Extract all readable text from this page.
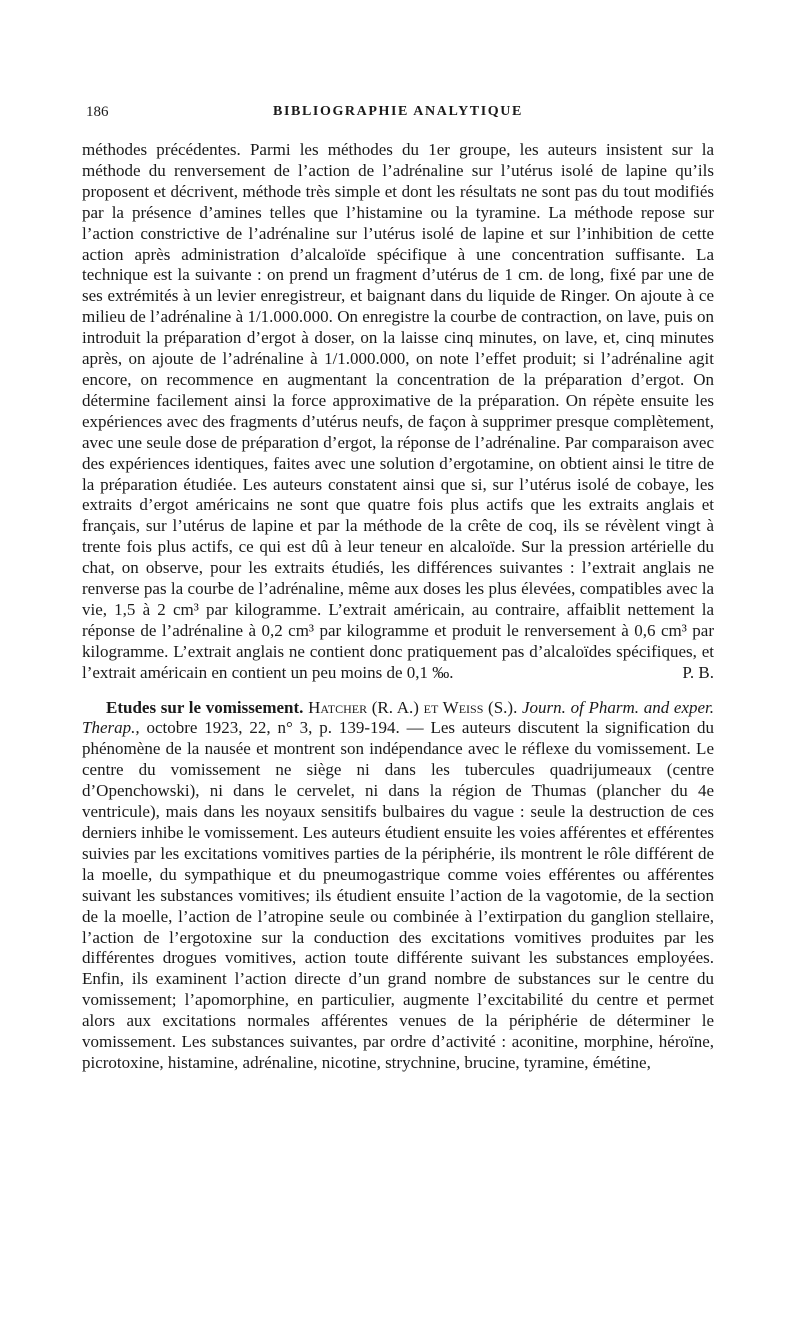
186	BIBLIOGRAPHIE ANALYTIQUE

méthodes précédentes. Parmi les méthodes du 1er groupe, les auteurs insistent sur la méthode du renversement de l’action de l’adrénaline sur l’utérus isolé de lapine qu’ils proposent et décrivent, méthode très simple et dont les résultats ne sont pas du tout modifiés par la présence d’amines telles que l’histamine ou la tyramine. La méthode repose sur l’action constrictive de l’adrénaline sur l’utérus isolé de lapine et sur l’inhibition de cette action après administration d’alcaloïde spécifique à une concentration suffisante. La technique est la suivante : on prend un fragment d’utérus de 1 cm. de long, fixé par une de ses extrémités à un levier enregistreur, et baignant dans du liquide de Ringer. On ajoute à ce milieu de l’adrénaline à 1/1.000.000. On enregistre la courbe de contraction, on lave, puis on introduit la préparation d’ergot à doser, on la laisse cinq minutes, on lave, et, cinq minutes après, on ajoute de l’adrénaline à 1/1.000.000, on note l’effet produit; si l’adrénaline agit encore, on recommence en augmentant la concentration de la préparation d’ergot. On détermine facilement ainsi la force approximative de la préparation. On répète ensuite les expériences avec des fragments d’utérus neufs, de façon à supprimer presque complètement, avec une seule dose de préparation d’ergot, la réponse de l’adrénaline. Par comparaison avec des expériences identiques, faites avec une solution d’ergotamine, on obtient ainsi le titre de la préparation étudiée. Les auteurs constatent ainsi que si, sur l’utérus isolé de cobaye, les extraits d’ergot américains ne sont que quatre fois plus actifs que les extraits anglais et français, sur l’utérus de lapine et par la méthode de la crête de coq, ils se révèlent vingt à trente fois plus actifs, ce qui est dû à leur teneur en alcaloïde. Sur la pression artérielle du chat, on observe, pour les extraits étudiés, les différences suivantes : l’extrait anglais ne renverse pas la courbe de l’adrénaline, même aux doses les plus élevées, compatibles avec la vie, 1,5 à 2 cm³ par kilogramme. L’extrait américain, au contraire, affaiblit nettement la réponse de l’adrénaline à 0,2 cm³ par kilogramme et produit le renversement à 0,6 cm³ par kilogramme. L’extrait anglais ne contient donc pratiquement pas d’alcaloïdes spécifiques, et l’extrait américain en contient un peu moins de 0,1 ‰.	P. B.

Etudes sur le vomissement. Hatcher (R. A.) et Weiss (S.). Journ. of Pharm. and exper. Therap., octobre 1923, 22, n° 3, p. 139-194. — Les auteurs discutent la signification du phénomène de la nausée et montrent son indépendance avec le réflexe du vomissement. Le centre du vomissement ne siège ni dans les tubercules quadrijumeaux (centre d’Openchowski), ni dans le cervelet, ni dans la région de Thumas (plancher du 4e ventricule), mais dans les noyaux sensitifs bulbaires du vague : seule la destruction de ces derniers inhibe le vomissement. Les auteurs étudient ensuite les voies afférentes et efférentes suivies par les excitations vomitives parties de la périphérie, ils montrent le rôle différent de la moelle, du sympathique et du pneumogastrique comme voies efférentes ou afférentes suivant les substances vomitives; ils étudient ensuite l’action de la vagotomie, de la section de la moelle, l’action de l’atropine seule ou combinée à l’extirpation du ganglion stellaire, l’action de l’ergotoxine sur la conduction des excitations vomitives produites par les différentes drogues vomitives, action toute différente suivant les substances employées. Enfin, ils examinent l’action directe d’un grand nombre de substances sur le centre du vomissement; l’apomorphine, en particulier, augmente l’excitabilité du centre et permet alors aux excitations normales afférentes venues de la périphérie de déterminer le vomissement. Les substances suivantes, par ordre d’activité : aconitine, morphine, héroïne, picrotoxine, histamine, adrénaline, nicotine, strychnine, brucine, tyramine, émétine,
